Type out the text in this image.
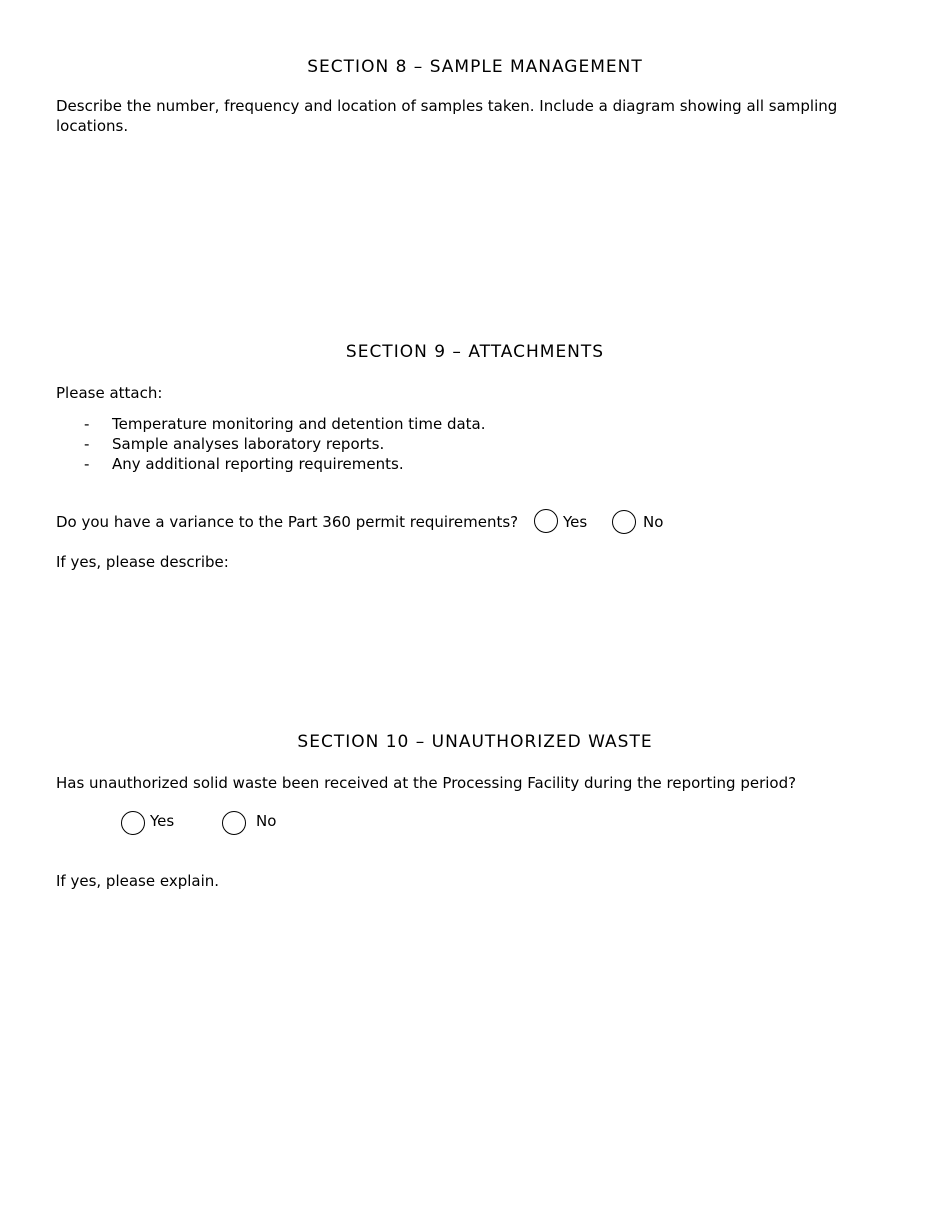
SECTION 8 – SAMPLE MANAGEMENT
Describe the number, frequency and location of samples taken. Include a diagram showing all sampling locations.
SECTION 9 – ATTACHMENTS
Please attach:
- Temperature monitoring and detention time data.
- Sample analyses laboratory reports.
- Any additional reporting requirements.
Do you have a variance to the Part 360 permit requirements?	Yes	No
If yes, please describe:
SECTION 10 – UNAUTHORIZED WASTE
Has unauthorized solid waste been received at the Processing Facility during the reporting period?
Yes	No
If yes, please explain.
